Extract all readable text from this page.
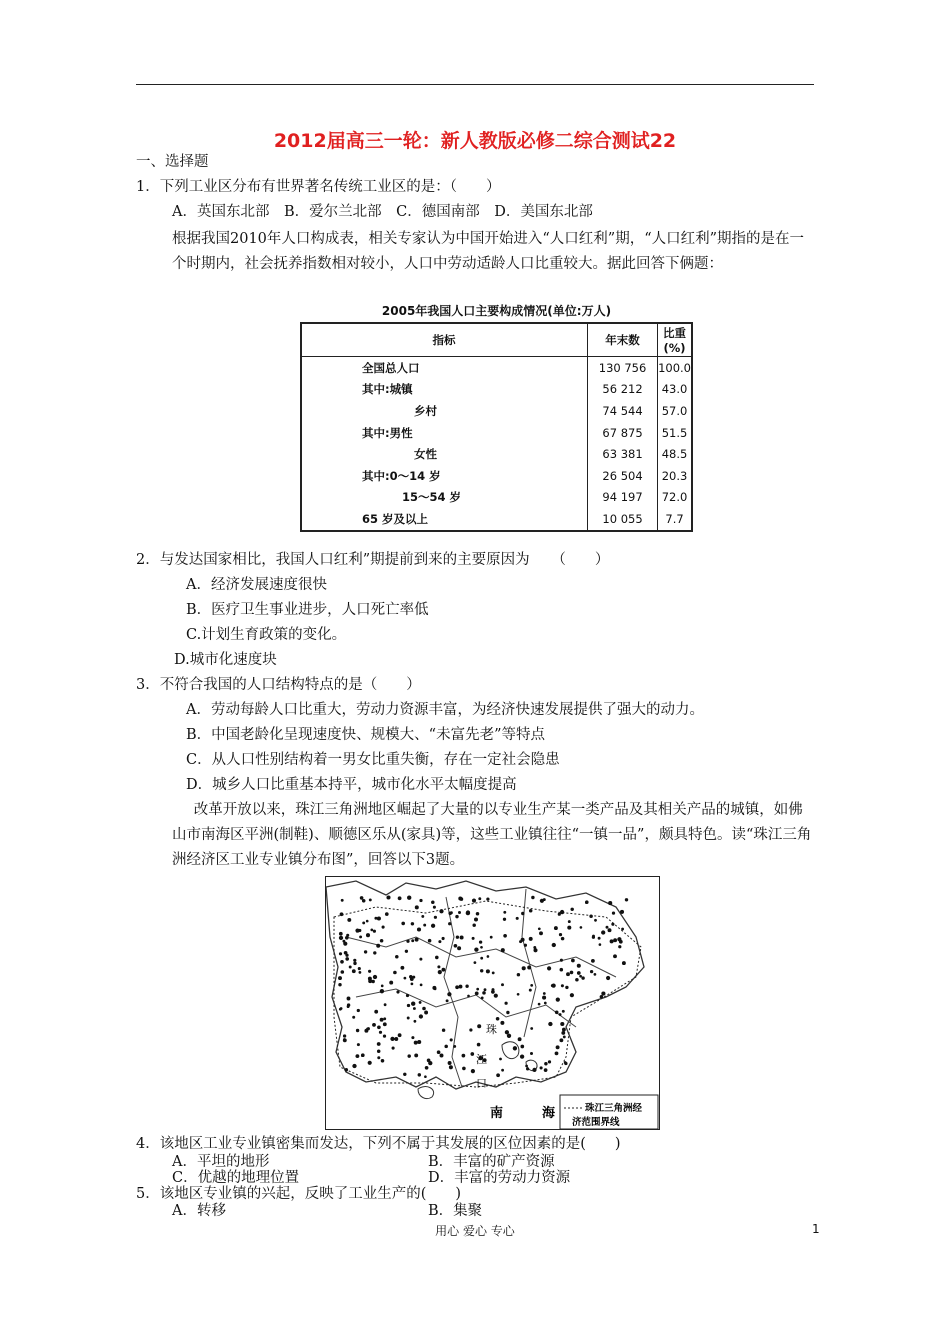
2012届高三一轮：新人教版必修二综合测试22
一、选择题
1．下列工业区分布有世界著名传统工业区的是：（　　）
A．英国东北部　B．爱尔兰北部　C．德国南部　D．美国东北部
根据我国2010年人口构成表，相关专家认为中国开始进入“人口红利”期，“人口红利”期指的是在一个时期内，社会抚养指数相对较小，人口中劳动适龄人口比重较大。据此回答下俩题：
2005年我国人口主要构成情况(单位:万人)
指标	年末数	比重(%)
全国总人口	130 756	100.0
其中:城镇	56 212	43.0
乡村	74 544	57.0
其中:男性	67 875	51.5
女性	63 381	48.5
其中:0～14 岁	26 504	20.3
15～54 岁	94 197	72.0
65 岁及以上	10 055	7.7
2．与发达国家相比，我国人口红利”期提前到来的主要原因为　　（　　）
A．经济发展速度很快
B．医疗卫生事业进步，人口死亡率低
C.计划生育政策的变化。
D.城市化速度块
3．不符合我国的人口结构特点的是（　　）
A．劳动每龄人口比重大，劳动力资源丰富，为经济快速发展提供了强大的动力。
B．中国老龄化呈现速度快、规模大、“未富先老”等特点
C．从人口性别结构着一男女比重失衡，存在一定社会隐患
D．城乡人口比重基本持平，城市化水平太幅度提高
改革开放以来，珠江三角洲地区崛起了大量的以专业生产某一类产品及其相关产品的城镇，如佛山市南海区平洲(制鞋)、顺德区乐从(家具)等，这些工业镇往往“一镇一品”，颇具特色。读“珠江三角洲经济区工业专业镇分布图”，回答以下3题。
珠
江
口
南	海	珠江三角洲经
济范围界线
4．该地区工业专业镇密集而发达，下列不属于其发展的区位因素的是(　　)
A．平坦的地形	B．丰富的矿产资源
C．优越的地理位置	D．丰富的劳动力资源
5．该地区专业镇的兴起，反映了工业生产的(　　)
A．转移	B．集聚
用心 爱心 专心	1
